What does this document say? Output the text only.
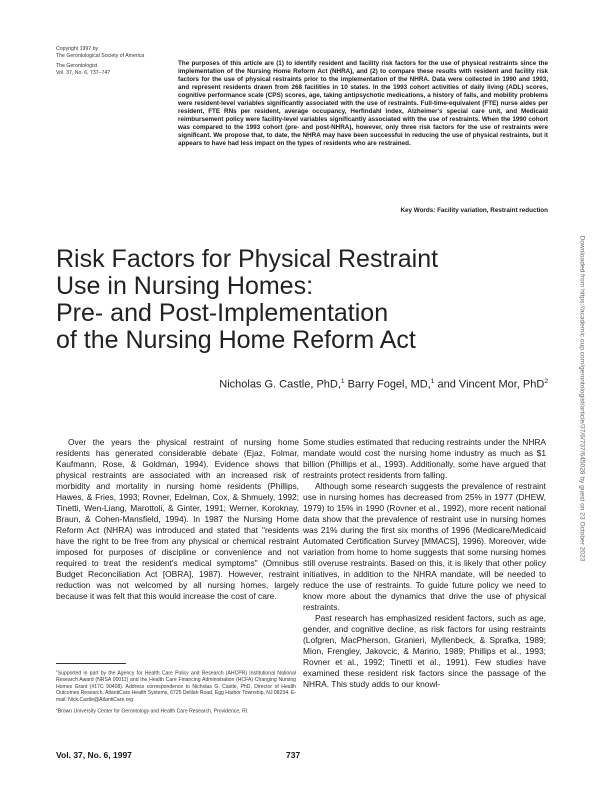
Copyright 1997 by
The Gerontological Society of America
The Gerontologist
Vol. 37, No. 6, 737–747
The purposes of this article are (1) to identify resident and facility risk factors for the use of physical restraints since the implementation of the Nursing Home Reform Act (NHRA), and (2) to compare these results with resident and facility risk factors for the use of physical restraints prior to the implementation of the NHRA. Data were collected in 1990 and 1993, and represent residents drawn from 268 facilities in 10 states. In the 1993 cohort activities of daily living (ADL) scores, cognitive performance scale (CPS) scores, age, taking antipsychotic medications, a history of falls, and mobility problems were resident-level variables significantly associated with the use of restraints. Full-time-equivalent (FTE) nurse aides per resident, FTE RNs per resident, average occupancy, Herfindahl index, Alzheimer's special care unit, and Medicaid reimbursement policy were facility-level variables significantly associated with the use of restraints. When the 1990 cohort was compared to the 1993 cohort (pre- and post-NHRA), however, only three risk factors for the use of restraints were significant. We propose that, to date, the NHRA may have been successful in reducing the use of physical restraints, but it appears to have had less impact on the types of residents who are restrained.
Key Words: Facility variation, Restraint reduction
Risk Factors for Physical Restraint
Use in Nursing Homes:
Pre- and Post-Implementation
of the Nursing Home Reform Act
Nicholas G. Castle, PhD,$^1$ Barry Fogel, MD,$^1$ and Vincent Mor, PhD$^2$

Over the years the physical restraint of nursing home residents has generated considerable debate (Ejaz, Folmar, Kaufmann, Rose, & Goldman, 1994). Evidence shows that physical restraints are associated with an increased risk of morbidity and mortality in nursing home residents (Phillips, Hawes, & Fries, 1993; Rovner, Edelman, Cox, & Shmuely, 1992; Tinetti, Wen-Liang, Marottoli, & Ginter, 1991; Werner, Koroknay, Braun, & Cohen-Mansfield, 1994). In 1987 the Nursing Home Reform Act (NHRA) was introduced and stated that "residents have the right to be free from any physical or chemical restraint imposed for purposes of discipline or convenience and not required to treat the resident's medical symptoms" (Omnibus Budget Reconciliation Act [OBRA], 1987). However, restraint reduction was not welcomed by all nursing homes, largely because it was felt that this would increase the cost of care.

Some studies estimated that reducing restraints under the NHRA mandate would cost the nursing home industry as much as $1 billion (Phillips et al., 1993). Additionally, some have argued that restraints protect residents from falling.

Although some research suggests the prevalence of restraint use in nursing homes has decreased from 25% in 1977 (DHEW, 1979) to 15% in 1990 (Rovner et al., 1992), more recent national data show that the prevalence of restraint use in nursing homes was 21% during the first six months of 1996 (Medicare/Medicaid Automated Certification Survey [MMACS], 1996). Moreover, wide variation from home to home suggests that some nursing homes still overuse restraints. Based on this, it is likely that other policy initiatives, in addition to the NHRA mandate, will be needed to reduce the use of restraints. To guide future policy we need to know more about the dynamics that drive the use of physical restraints.

Past research has emphasized resident factors, such as age, gender, and cognitive decline, as risk factors for using restraints (Lofgren, MacPherson, Granieri, Myllenbeck, & Sprafka, 1989; Mion, Frengley, Jakovcic, & Marino, 1989; Phillips et al., 1993; Rovner et al., 1992; Tinetti et al., 1991). Few studies have examined these resident risk factors since the passage of the NHRA. This study adds to our knowl-

$^1$Supported in part by the Agency for Health Care Policy and Research (AHCPR) Institutional National Research Award (NRSA 00011) and the Health Care Financing Administration (HCFA) Changing Nursing Homes Grant (#17C 90408). Address correspondence to Nicholas G. Castle, PhD, Director of Health Outcomes Research, AtlantiCare Health Systems, 6725 Delilah Road, Egg Harbor Township, NJ 08234. E-mail: Nick.Castle@AtlantiCare.org

$^2$Brown University Center for Gerontology and Health Care Research, Providence, RI.

Vol. 37, No. 6, 1997	737
Downloaded from https://academic.oup.com/gerontologist/article/37/6/737/645028 by guest on 23 October 2023
